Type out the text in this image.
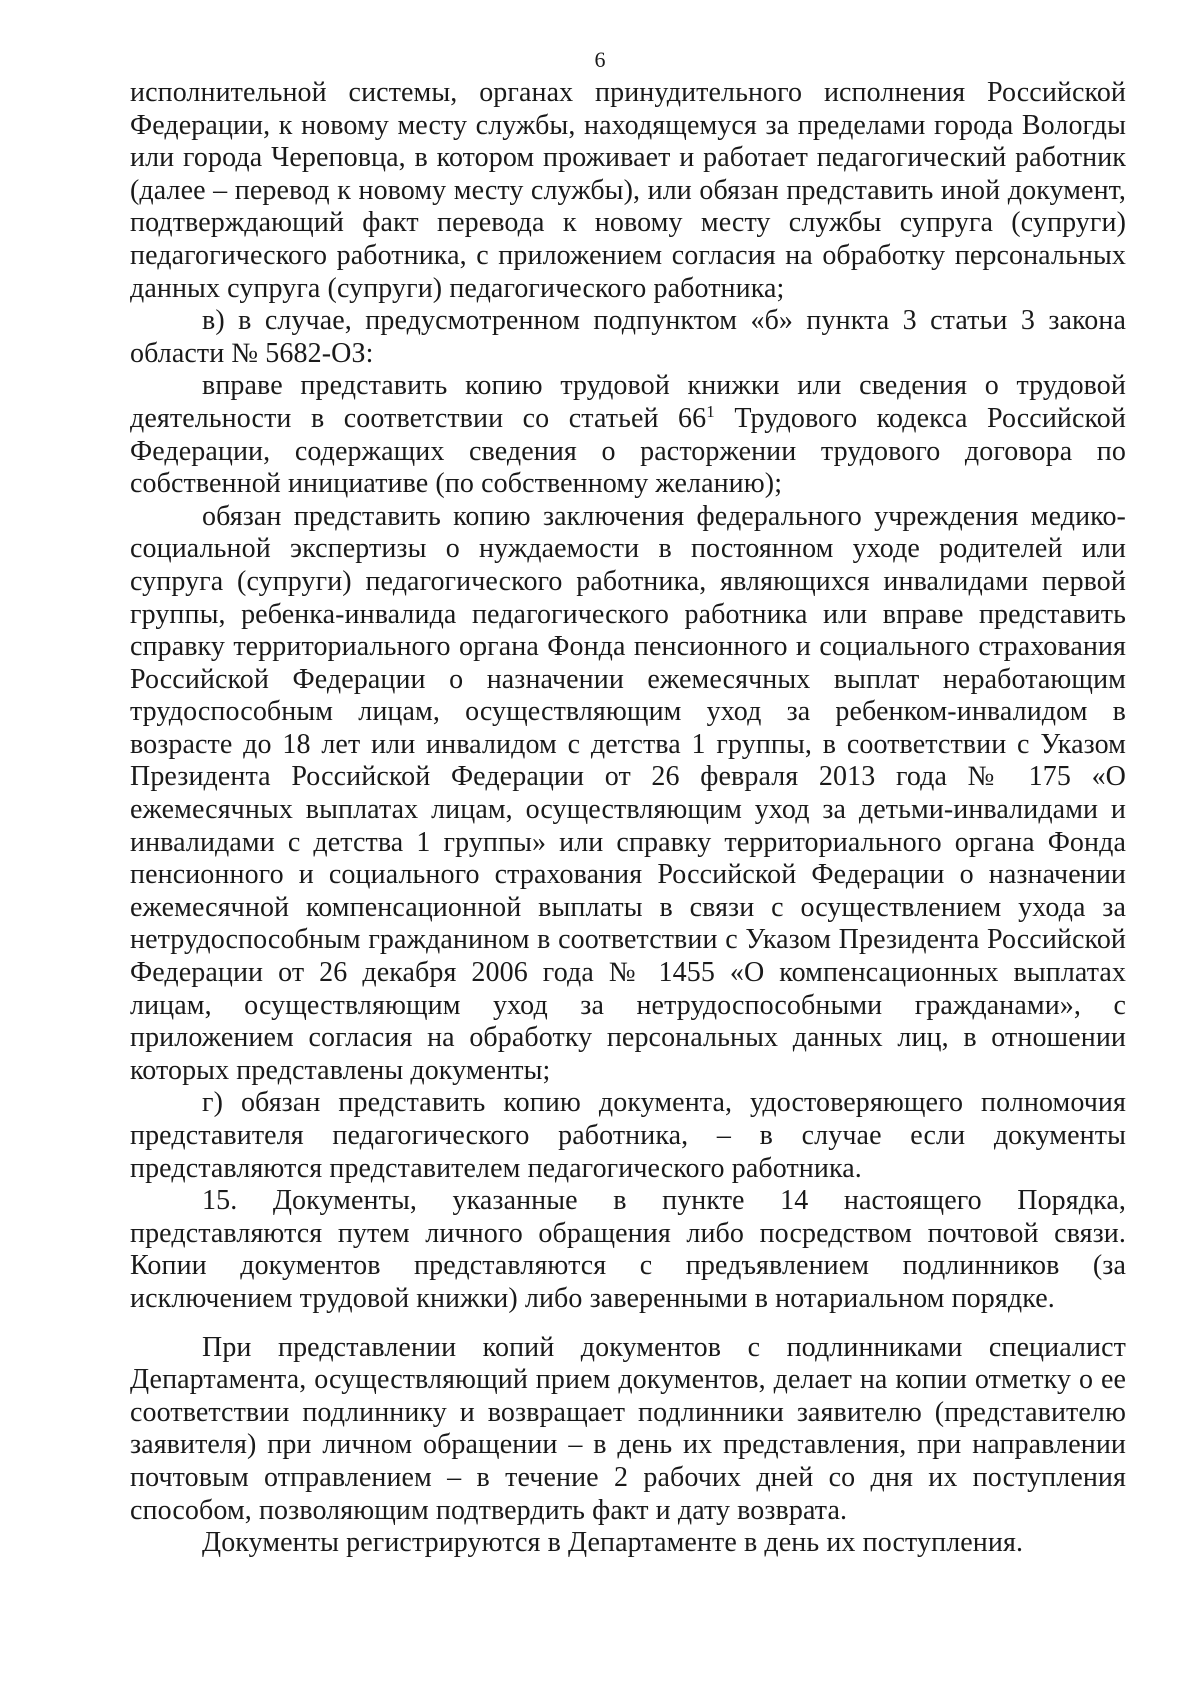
6

исполнительной системы, органах принудительного исполнения Российской Федерации, к новому месту службы, находящемуся за пределами города Вологды или города Череповца, в котором проживает и работает педагогический работник (далее – перевод к новому месту службы), или обязан представить иной документ, подтверждающий факт перевода к новому месту службы супруга (супруги) педагогического работника, с приложением согласия на обработку персональных данных супруга (супруги) педагогического работника;

в) в случае, предусмотренном подпунктом «б» пункта 3 статьи 3 закона области № 5682-ОЗ:

вправе представить копию трудовой книжки или сведения о трудовой деятельности в соответствии со статьей $66^1$ Трудового кодекса Российской Федерации, содержащих сведения о расторжении трудового договора по собственной инициативе (по собственному желанию);

обязан представить копию заключения федерального учреждения медико-социальной экспертизы о нуждаемости в постоянном уходе родителей или супруга (супруги) педагогического работника, являющихся инвалидами первой группы, ребенка-инвалида педагогического работника или вправе представить справку территориального органа Фонда пенсионного и социального страхования Российской Федерации о назначении ежемесячных выплат неработающим трудоспособным лицам, осуществляющим уход за ребенком-инвалидом в возрасте до 18 лет или инвалидом с детства 1 группы, в соответствии с Указом Президента Российской Федерации от 26 февраля 2013 года № 175 «О ежемесячных выплатах лицам, осуществляющим уход за детьми-инвалидами и инвалидами с детства 1 группы» или справку территориального органа Фонда пенсионного и социального страхования Российской Федерации о назначении ежемесячной компенсационной выплаты в связи с осуществлением ухода за нетрудоспособным гражданином в соответствии с Указом Президента Российской Федерации от 26 декабря 2006 года № 1455 «О компенсационных выплатах лицам, осуществляющим уход за нетрудоспособными гражданами», с приложением согласия на обработку персональных данных лиц, в отношении которых представлены документы;

г) обязан представить копию документа, удостоверяющего полномочия представителя педагогического работника, – в случае если документы представляются представителем педагогического работника.

15. Документы, указанные в пункте 14 настоящего Порядка, представляются путем личного обращения либо посредством почтовой связи. Копии документов представляются с предъявлением подлинников (за исключением трудовой книжки) либо заверенными в нотариальном порядке.

При представлении копий документов с подлинниками специалист Департамента, осуществляющий прием документов, делает на копии отметку о ее соответствии подлиннику и возвращает подлинники заявителю (представителю заявителя) при личном обращении – в день их представления, при направлении почтовым отправлением – в течение 2 рабочих дней со дня их поступления способом, позволяющим подтвердить факт и дату возврата.

Документы регистрируются в Департаменте в день их поступления.
